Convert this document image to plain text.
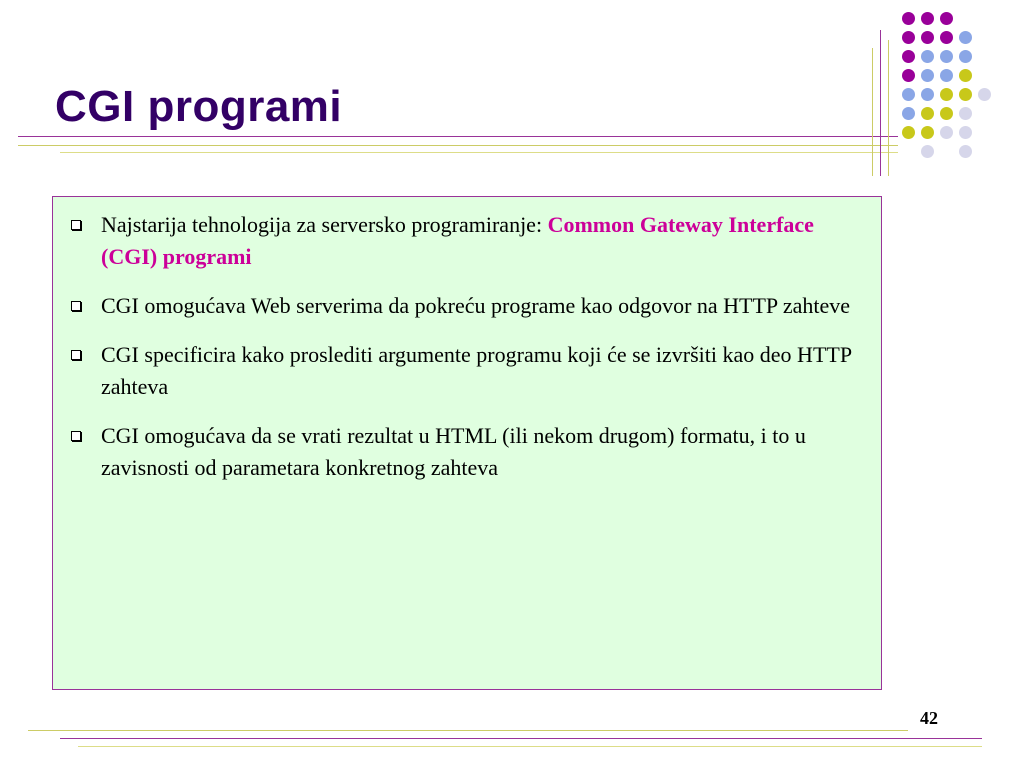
CGI programi
Najstarija tehnologija za serversko programiranje: Common Gateway Interface (CGI) programi
CGI omogućava Web serverima da pokreću programe kao odgovor na HTTP zahteve
CGI specificira kako proslediti argumente programu koji će se izvršiti kao deo HTTP zahteva
CGI omogućava da se vrati rezultat u HTML (ili nekom drugom) formatu, i to u zavisnosti od parametara konkretnog zahteva
42
